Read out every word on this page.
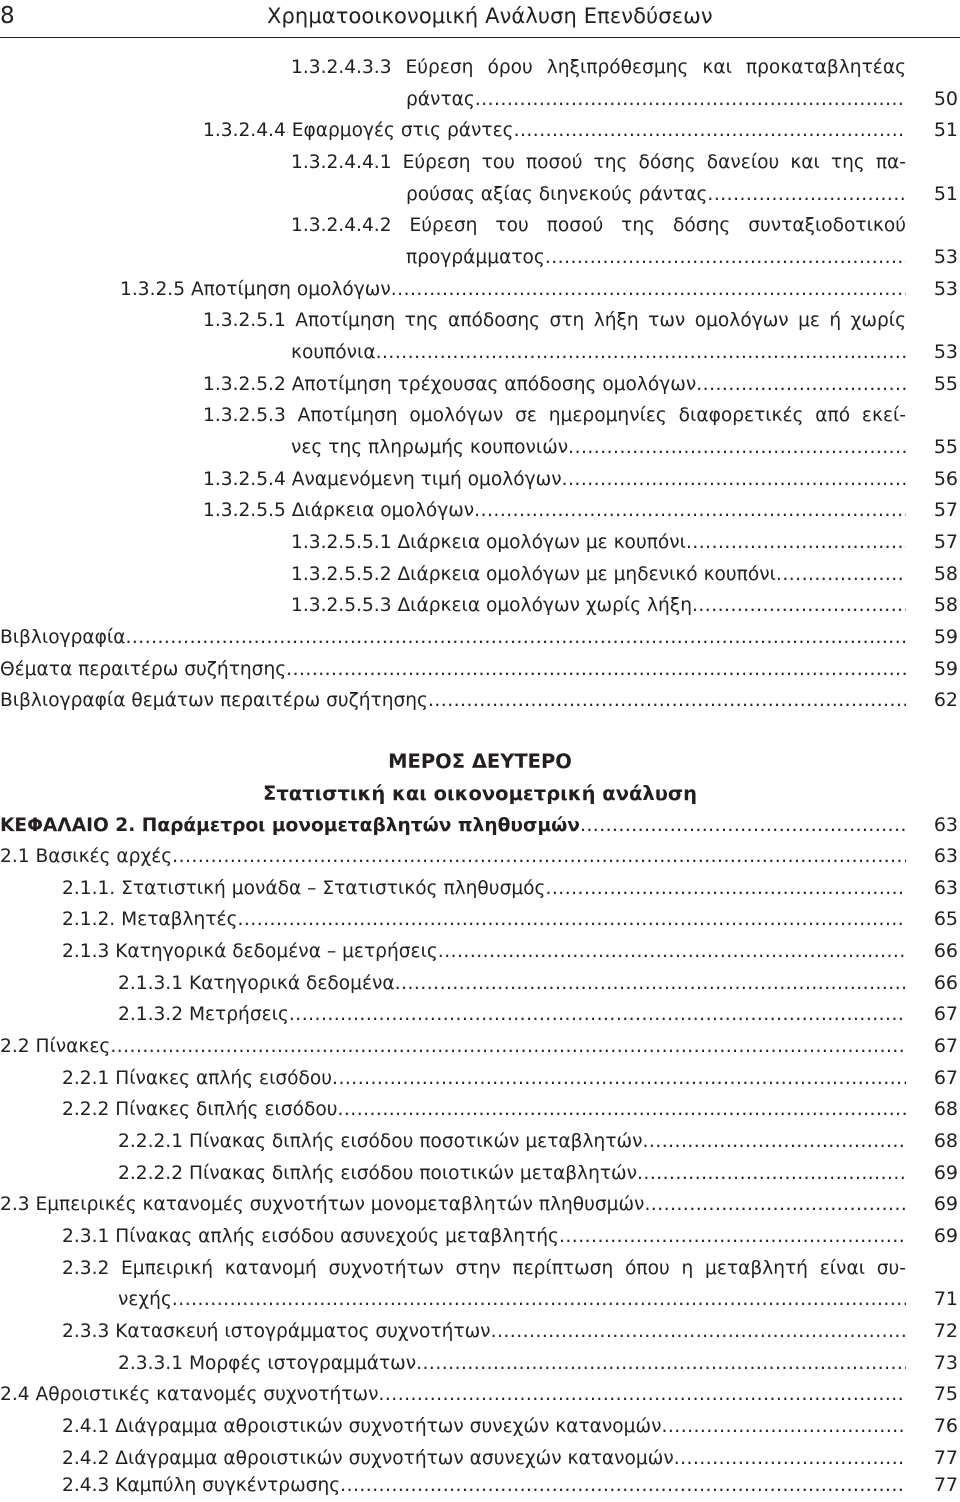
8	Χρηματοοικονομική Ανάλυση Επενδύσεων
1.3.2.4.3.3 Εύρεση όρου ληξιπρόθεσμης και προκαταβλητέας
ράντας .....	50
1.3.2.4.4 Εφαρμογές στις ράντες .....	51
1.3.2.4.4.1 Εύρεση του ποσού της δόσης δανείου και της πα-
ρούσας αξίας διηνεκούς ράντας .....	51
1.3.2.4.4.2 Εύρεση του ποσού της δόσης συνταξιοδοτικού
προγράμματος .....	53
1.3.2.5 Αποτίμηση ομολόγων .....	53
1.3.2.5.1 Αποτίμηση της απόδοσης στη λήξη των ομολόγων με ή χωρίς
κουπόνια .....	53
1.3.2.5.2 Αποτίμηση τρέχουσας απόδοσης ομολόγων .....	55
1.3.2.5.3 Αποτίμηση ομολόγων σε ημερομηνίες διαφορετικές από εκεί-
νες της πληρωμής κουπονιών .....	55
1.3.2.5.4 Αναμενόμενη τιμή ομολόγων .....	56
1.3.2.5.5 Διάρκεια ομολόγων .....	57
1.3.2.5.5.1 Διάρκεια ομολόγων με κουπόνι .....	57
1.3.2.5.5.2 Διάρκεια ομολόγων με μηδενικό κουπόνι .....	58
1.3.2.5.5.3 Διάρκεια ομολόγων χωρίς λήξη .....	58
Βιβλιογραφία .....	59
Θέματα περαιτέρω συζήτησης .....	59
Βιβλιογραφία θεμάτων περαιτέρω συζήτησης .....	62
ΜΕΡΟΣ ΔΕΥΤΕΡΟ
Στατιστική και οικονομετρική ανάλυση
ΚΕΦΑΛΑΙΟ 2. Παράμετροι μονομεταβλητών πληθυσμών .....	63
2.1 Βασικές αρχές .....	63
2.1.1. Στατιστική μονάδα – Στατιστικός πληθυσμός .....	63
2.1.2. Μεταβλητές .....	65
2.1.3 Κατηγορικά δεδομένα – μετρήσεις .....	66
2.1.3.1 Κατηγορικά δεδομένα .....	66
2.1.3.2 Μετρήσεις .....	67
2.2 Πίνακες .....	67
2.2.1 Πίνακες απλής εισόδου .....	67
2.2.2 Πίνακες διπλής εισόδου .....	68
2.2.2.1 Πίνακας διπλής εισόδου ποσοτικών μεταβλητών .....	68
2.2.2.2 Πίνακας διπλής εισόδου ποιοτικών μεταβλητών .....	69
2.3 Εμπειρικές κατανομές συχνοτήτων μονομεταβλητών πληθυσμών .....	69
2.3.1 Πίνακας απλής εισόδου ασυνεχούς μεταβλητής .....	69
2.3.2 Εμπειρική κατανομή συχνοτήτων στην περίπτωση όπου η μεταβλητή είναι συ-
νεχής .....	71
2.3.3 Κατασκευή ιστογράμματος συχνοτήτων .....	72
2.3.3.1 Μορφές ιστογραμμάτων .....	73
2.4 Αθροιστικές κατανομές συχνοτήτων .....	75
2.4.1 Διάγραμμα αθροιστικών συχνοτήτων συνεχών κατανομών .....	76
2.4.2 Διάγραμμα αθροιστικών συχνοτήτων ασυνεχών κατανομών .....	77
2.4.3 Καμπύλη συγκέντρωσης .....	77
